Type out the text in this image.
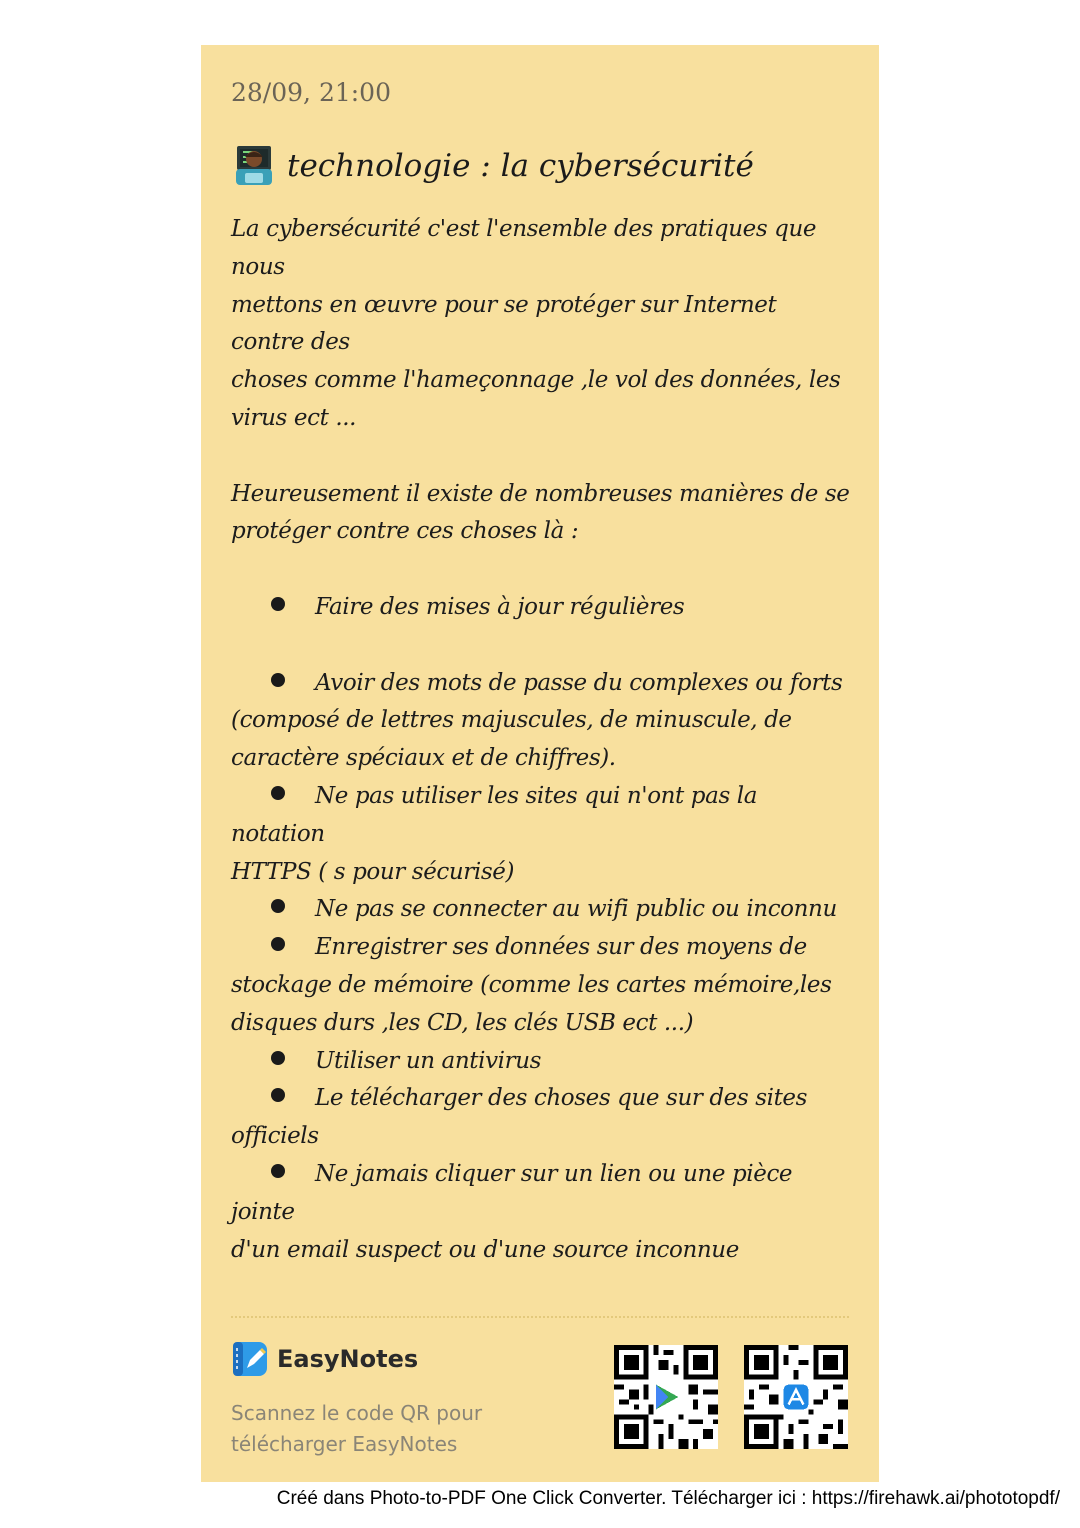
28/09, 21:00
technologie : la cybersécurité

La cybersécurité c'est l'ensemble des pratiques que nous

mettons en œuvre pour se protéger sur Internet contre des

choses comme l'hameçonnage ,le vol des données, les

virus ect ...

Heureusement il existe de nombreuses manières de se

protéger contre ces choses là :

Faire des mises à jour régulières

Avoir des mots de passe du complexes ou forts

(composé de lettres majuscules, de minuscule, de

caractère spéciaux et de chiffres).

Ne pas utiliser les sites qui n'ont pas la notation

HTTPS ( s pour sécurisé)

Ne pas se connecter au wifi public ou inconnu

Enregistrer ses données sur des moyens de

stockage de mémoire (comme les cartes mémoire,les

disques durs ,les CD, les clés USB ect ...)

Utiliser un antivirus

Le télécharger des choses que sur des sites officiels

Ne jamais cliquer sur un lien ou une pièce jointe

d'un email suspect ou d'une source inconnue

EasyNotes
Scannez le code QR pour
télécharger EasyNotes
Créé dans Photo-to-PDF One Click Converter. Télécharger ici : https://firehawk.ai/phototopdf/
